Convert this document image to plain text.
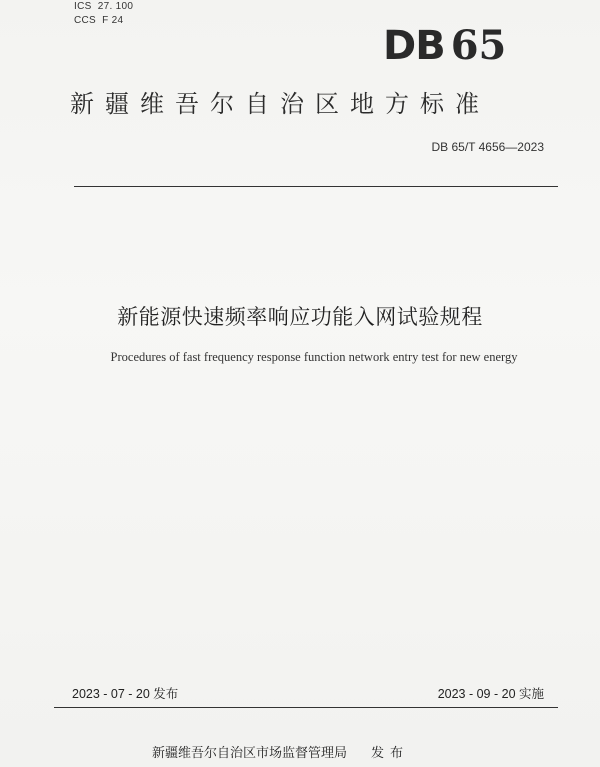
ICS  27. 100
CCS  F 24
DB 65
新疆维吾尔自治区地方标准
DB 65/T 4656—2023
新能源快速频率响应功能入网试验规程
Procedures of fast frequency response function network entry test for new energy
2023 - 07 - 20 发布	2023 - 09 - 20 实施
新疆维吾尔自治区市场监督管理局 发布
